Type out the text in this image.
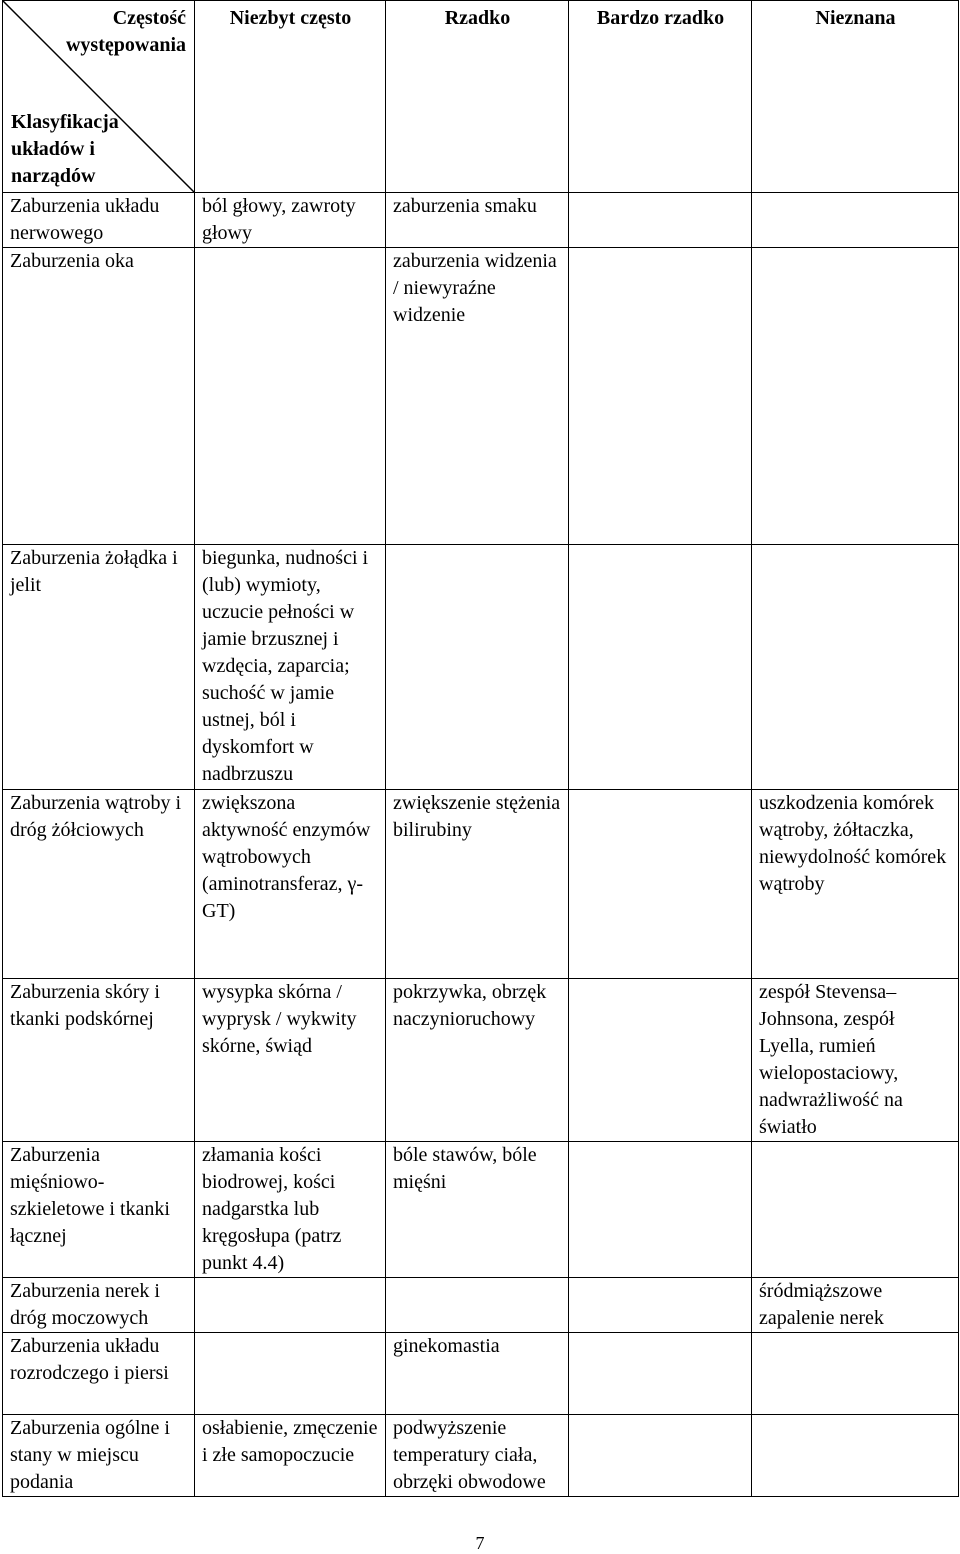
Częstość występowania
Klasyfikacja układów i narządów	Niezbyt często	Rzadko	Bardzo rzadko	Nieznana
Zaburzenia układu nerwowego	ból głowy, zawroty głowy	zaburzenia smaku		
Zaburzenia oka		zaburzenia widzenia / niewyraźne widzenie		
Zaburzenia żołądka i jelit	biegunka, nudności i (lub) wymioty, uczucie pełności w jamie brzusznej i wzdęcia, zaparcia; suchość w jamie ustnej, ból i dyskomfort w nadbrzuszu			
Zaburzenia wątroby i dróg żółciowych	zwiększona aktywność enzymów wątrobowych (aminotransferaz, γ-GT)	zwiększenie stężenia bilirubiny		uszkodzenia komórek wątroby, żółtaczka, niewydolność komórek wątroby
Zaburzenia skóry i tkanki podskórnej	wysypka skórna / wyprysk / wykwity skórne, świąd	pokrzywka, obrzęk naczynioruchowy		zespół Stevensa– Johnsona, zespół Lyella, rumień wielopostaciowy, nadwrażliwość na światło
Zaburzenia mięśniowo-szkieletowe i tkanki łącznej	złamania kości biodrowej, kości nadgarstka lub kręgosłupa (patrz punkt 4.4)	bóle stawów, bóle mięśni		
Zaburzenia nerek i dróg moczowych				śródmiąższowe zapalenie nerek
Zaburzenia układu rozrodczego i piersi		ginekomastia		
Zaburzenia ogólne i stany w miejscu podania	osłabienie, zmęczenie i złe samopoczucie	podwyższenie temperatury ciała, obrzęki obwodowe		
7
